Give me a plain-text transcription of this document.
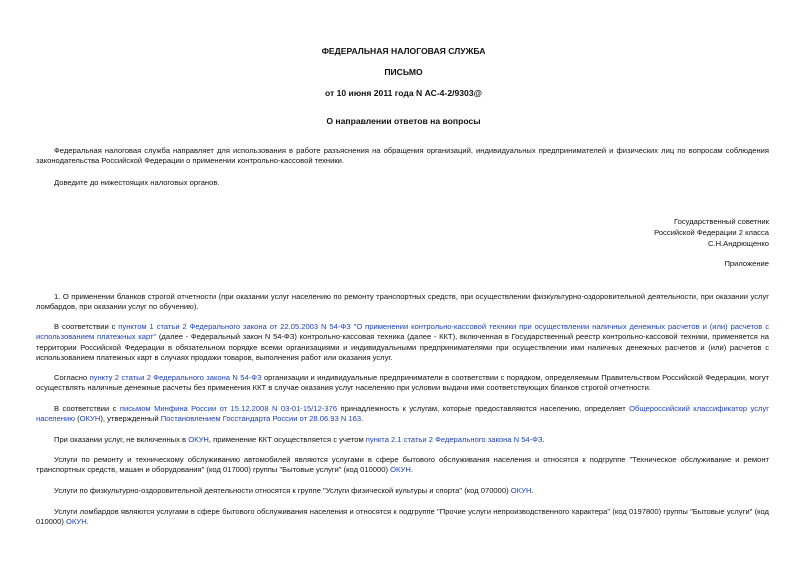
ФЕДЕРАЛЬНАЯ НАЛОГОВАЯ СЛУЖБА
ПИСЬМО
от 10 июня 2011 года N АС-4-2/9303@
О направлении ответов на вопросы
Федеральная налоговая служба направляет для использования в работе разъяснения на обращения организаций, индивидуальных предпринимателей и физических лиц по вопросам соблюдения законодательства Российской Федерации о применении контрольно-кассовой техники.
Доведите до нижестоящих налоговых органов.
Государственный советник
Российской Федерации 2 класса
С.Н.Андрющенко
Приложение
1. О применении бланков строгой отчетности (при оказании услуг населению по ремонту транспортных средств, при осуществлении физкультурно-оздоровительной деятельности, при оказании услуг ломбардов, при оказании услуг по обучению).
В соответствии с пунктом 1 статьи 2 Федерального закона от 22.05.2003 N 54-ФЗ "О применении контрольно-кассовой техники при осуществлении наличных денежных расчетов и (или) расчетов с использованием платежных карт" (далее - Федеральный закон N 54-ФЗ) контрольно-кассовая техника (далее - ККТ), включенная в Государственный реестр контрольно-кассовой техники, применяется на территории Российской Федерации в обязательном порядке всеми организациями и индивидуальными предпринимателями при осуществлении ими наличных денежных расчетов и (или) расчетов с использованием платежных карт в случаях продажи товаров, выполнения работ или оказания услуг.
Согласно пункту 2 статьи 2 Федерального закона N 54-ФЗ организации и индивидуальные предприниматели в соответствии с порядком, определяемым Правительством Российской Федерации, могут осуществлять наличные денежные расчеты без применения ККТ в случае оказания услуг населению при условии выдачи ими соответствующих бланков строгой отчетности.
В соответствии с письмом Минфина России от 15.12.2008 N 03-01-15/12-376 принадлежность к услугам, которые предоставляются населению, определяет Общероссийский классификатор услуг населению (ОКУН), утвержденный Постановлением Госстандарта России от 28.06.93 N 163.
При оказании услуг, не включенных в ОКУН, применение ККТ осуществляется с учетом пункта 2.1 статьи 2 Федерального закона N 54-ФЗ.
Услуги по ремонту и техническому обслуживанию автомобилей являются услугами в сфере бытового обслуживания населения и относятся к подгруппе "Техническое обслуживание и ремонт транспортных средств, машин и оборудования" (код 017000) группы "Бытовые услуги" (код 010000) ОКУН.
Услуги по физкультурно-оздоровительной деятельности относятся к группе "Услуги физической культуры и спорта" (код 070000) ОКУН.
Услуги ломбардов являются услугами в сфере бытового обслуживания населения и относятся к подгруппе "Прочие услуги непроизводственного характера" (код 0197800) группы "Бытовые услуги" (код 010000) ОКУН.
